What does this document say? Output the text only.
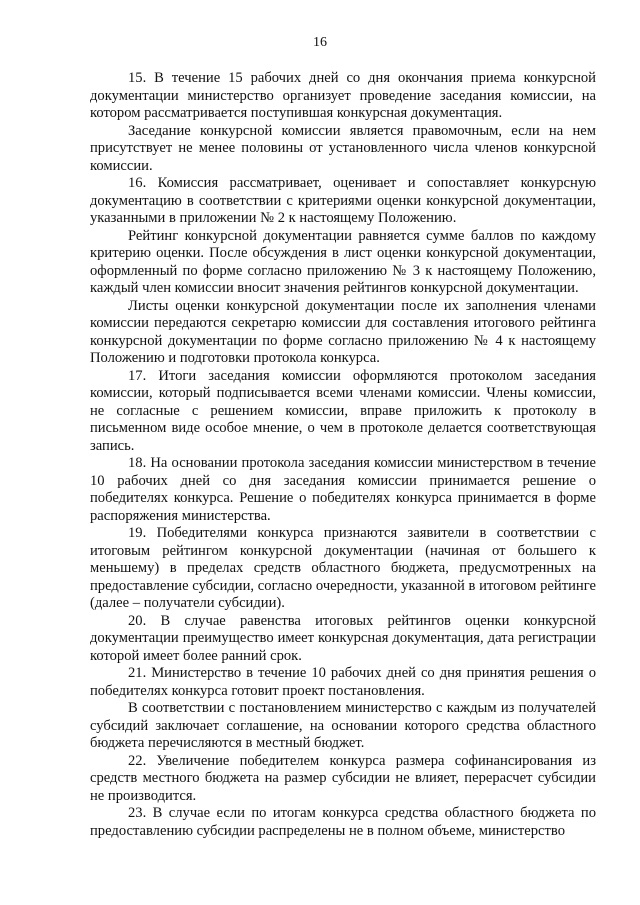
16

15. В течение 15 рабочих дней со дня окончания приема конкурсной документации министерство организует проведение заседания комиссии, на котором рассматривается поступившая конкурсная документация.

Заседание конкурсной комиссии является правомочным, если на нем присутствует не менее половины от установленного числа членов конкурсной комиссии.

16. Комиссия рассматривает, оценивает и сопоставляет конкурсную документацию в соответствии с критериями оценки конкурсной документации, указанными в приложении № 2 к настоящему Положению.

Рейтинг конкурсной документации равняется сумме баллов по каждому критерию оценки. После обсуждения в лист оценки конкурсной документации, оформленный по форме согласно приложению № 3 к настоящему Положению, каждый член комиссии вносит значения рейтингов конкурсной документации.

Листы оценки конкурсной документации после их заполнения членами комиссии передаются секретарю комиссии для составления итогового рейтинга конкурсной документации по форме согласно приложению № 4 к настоящему Положению и подготовки протокола конкурса.

17. Итоги заседания комиссии оформляются протоколом заседания комиссии, который подписывается всеми членами комиссии. Члены комиссии, не согласные с решением комиссии, вправе приложить к протоколу в письменном виде особое мнение, о чем в протоколе делается соответствующая запись.

18. На основании протокола заседания комиссии министерством в течение 10 рабочих дней со дня заседания комиссии принимается решение о победителях конкурса. Решение о победителях конкурса принимается в форме распоряжения министерства.

19. Победителями конкурса признаются заявители в соответствии с итоговым рейтингом конкурсной документации (начиная от большего к меньшему) в пределах средств областного бюджета, предусмотренных на предоставление субсидии, согласно очередности, указанной в итоговом рейтинге (далее – получатели субсидии).

20. В случае равенства итоговых рейтингов оценки конкурсной документации преимущество имеет конкурсная документация, дата регистрации которой имеет более ранний срок.

21. Министерство в течение 10 рабочих дней со дня принятия решения о победителях конкурса готовит проект постановления.

В соответствии с постановлением министерство с каждым из получателей субсидий заключает соглашение, на основании которого средства областного бюджета перечисляются в местный бюджет.

22. Увеличение победителем конкурса размера софинансирования из средств местного бюджета на размер субсидии не влияет, перерасчет субсидии не производится.

23. В случае если по итогам конкурса средства областного бюджета по предоставлению субсидии распределены не в полном объеме, министерство
